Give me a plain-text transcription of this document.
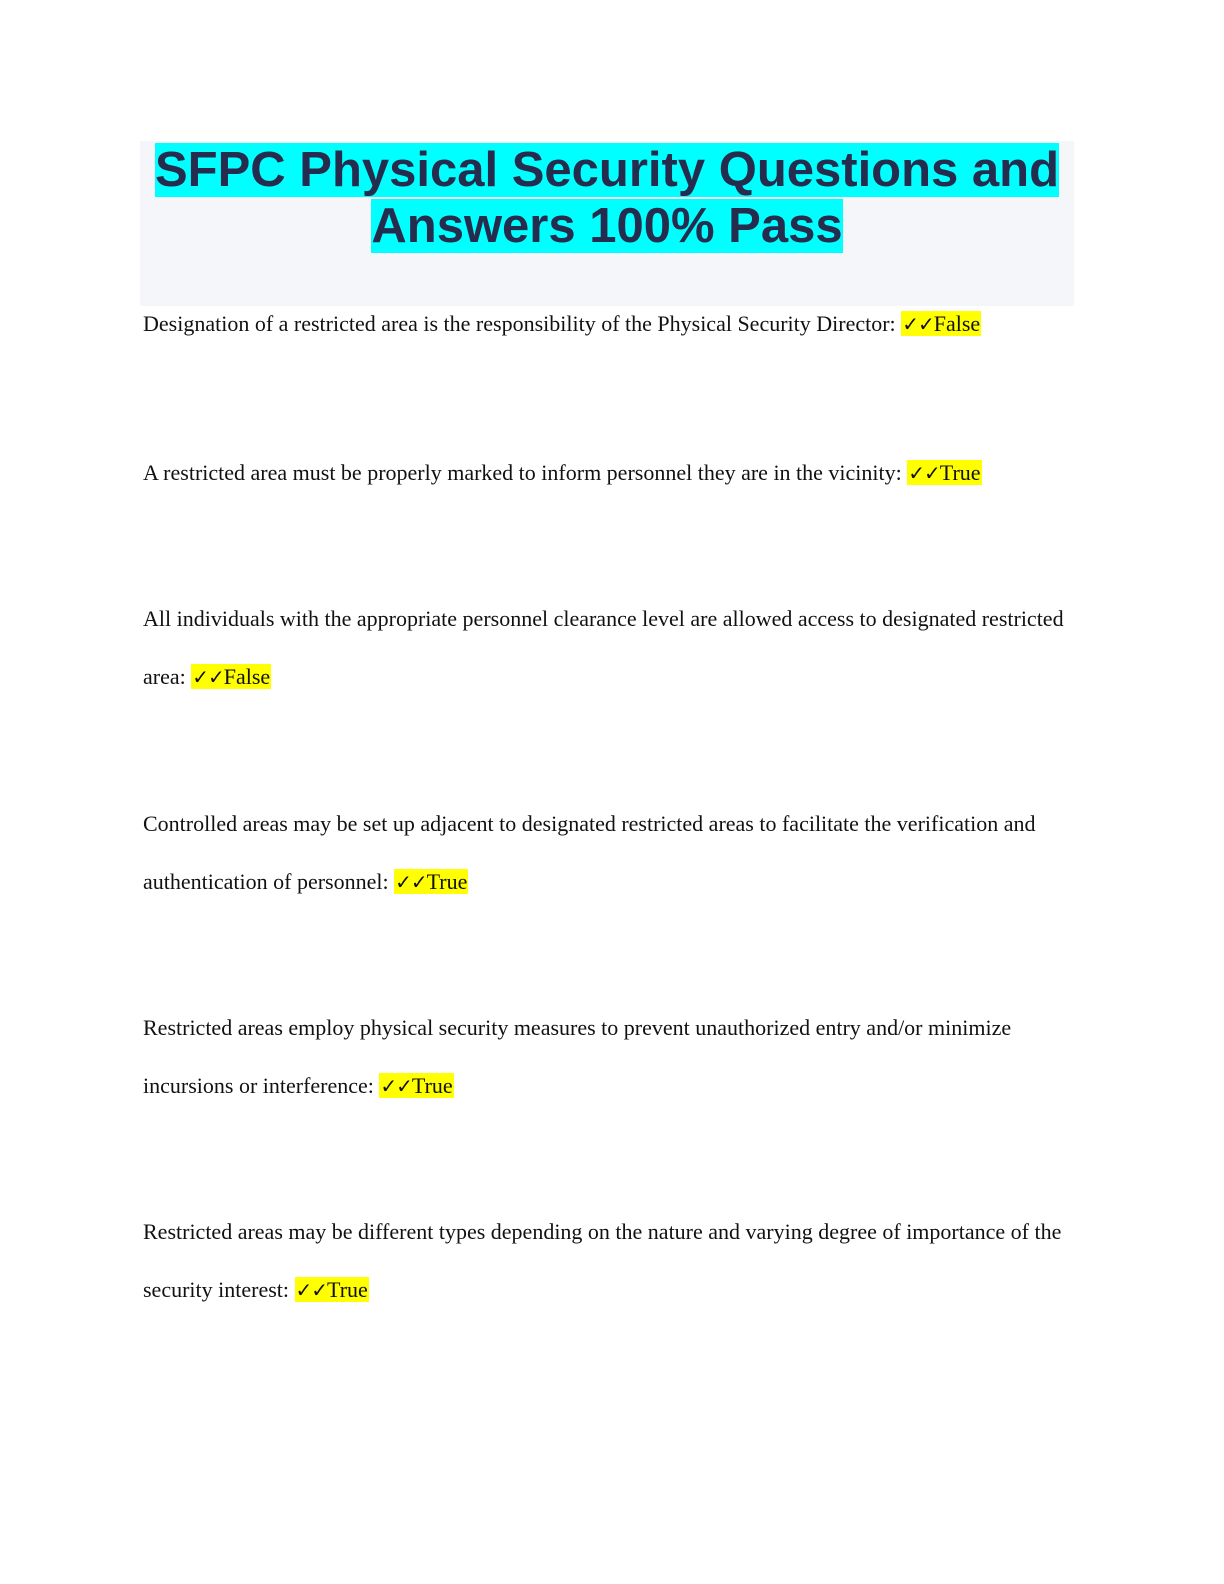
SFPC Physical Security Questions and Answers 100% Pass

Designation of a restricted area is the responsibility of the Physical Security Director: ✓✓False

A restricted area must be properly marked to inform personnel they are in the vicinity: ✓✓True

All individuals with the appropriate personnel clearance level are allowed access to designated restricted area: ✓✓False

Controlled areas may be set up adjacent to designated restricted areas to facilitate the verification and authentication of personnel: ✓✓True

Restricted areas employ physical security measures to prevent unauthorized entry and/or minimize incursions or interference: ✓✓True

Restricted areas may be different types depending on the nature and varying degree of importance of the security interest: ✓✓True
